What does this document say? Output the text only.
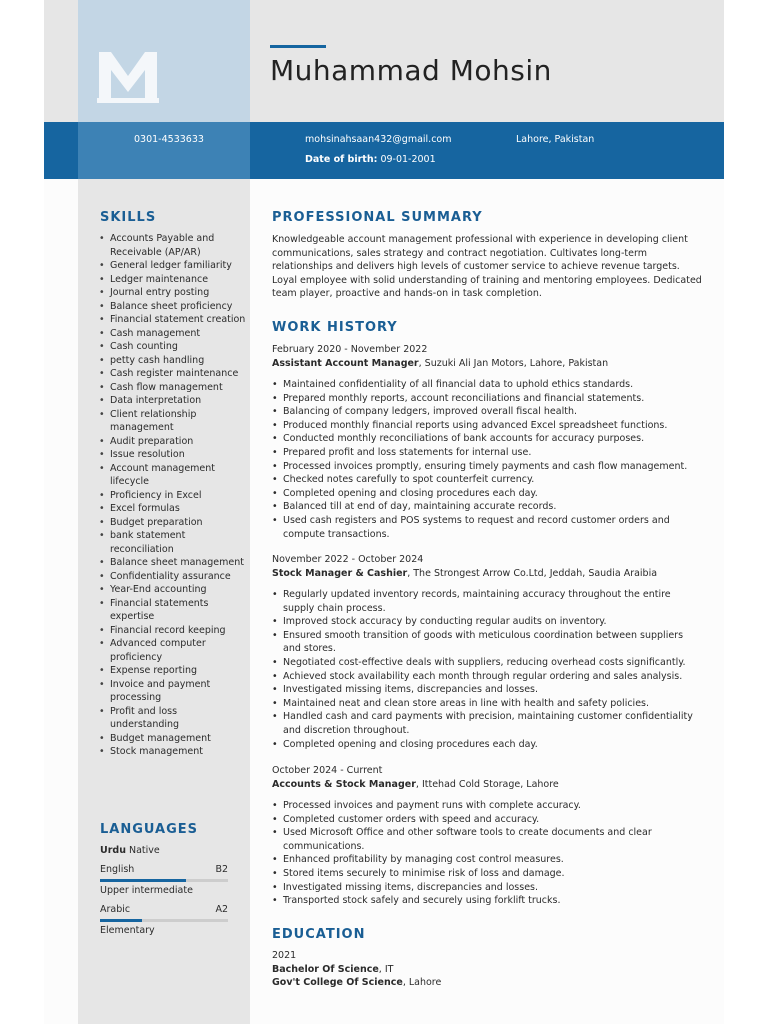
Muhammad Mohsin
0301-4533633	mohsinahsaan432@gmail.com	Lahore, Pakistan
Date of birth: 09-01-2001
SKILLS
• Accounts Payable and Receivable (AP/AR)
• General ledger familiarity
• Ledger maintenance
• Journal entry posting
• Balance sheet proficiency
• Financial statement creation
• Cash management
• Cash counting
• petty cash handling
• Cash register maintenance
• Cash flow management
• Data interpretation
• Client relationship management
• Audit preparation
• Issue resolution
• Account management lifecycle
• Proficiency in Excel
• Excel formulas
• Budget preparation
• bank statement reconciliation
• Balance sheet management
• Confidentiality assurance
• Year-End accounting
• Financial statements expertise
• Financial record keeping
• Advanced computer proficiency
• Expense reporting
• Invoice and payment processing
• Profit and loss understanding
• Budget management
• Stock management
LANGUAGES
Urdu Native
English	B2
Upper intermediate
Arabic	A2
Elementary
PROFESSIONAL SUMMARY
Knowledgeable account management professional with experience in developing client communications, sales strategy and contract negotiation. Cultivates long-term relationships and delivers high levels of customer service to achieve revenue targets. Loyal employee with solid understanding of training and mentoring employees. Dedicated team player, proactive and hands-on in task completion.
WORK HISTORY
February 2020 - November 2022
Assistant Account Manager, Suzuki Ali Jan Motors, Lahore, Pakistan
• Maintained confidentiality of all financial data to uphold ethics standards.
• Prepared monthly reports, account reconciliations and financial statements.
• Balancing of company ledgers, improved overall fiscal health.
• Produced monthly financial reports using advanced Excel spreadsheet functions.
• Conducted monthly reconciliations of bank accounts for accuracy purposes.
• Prepared profit and loss statements for internal use.
• Processed invoices promptly, ensuring timely payments and cash flow management.
• Checked notes carefully to spot counterfeit currency.
• Completed opening and closing procedures each day.
• Balanced till at end of day, maintaining accurate records.
• Used cash registers and POS systems to request and record customer orders and compute transactions.
November 2022 - October 2024
Stock Manager & Cashier, The Strongest Arrow Co.Ltd, Jeddah, Saudia Araibia
• Regularly updated inventory records, maintaining accuracy throughout the entire supply chain process.
• Improved stock accuracy by conducting regular audits on inventory.
• Ensured smooth transition of goods with meticulous coordination between suppliers and stores.
• Negotiated cost-effective deals with suppliers, reducing overhead costs significantly.
• Achieved stock availability each month through regular ordering and sales analysis.
• Investigated missing items, discrepancies and losses.
• Maintained neat and clean store areas in line with health and safety policies.
• Handled cash and card payments with precision, maintaining customer confidentiality and discretion throughout.
• Completed opening and closing procedures each day.
October 2024 - Current
Accounts & Stock Manager, Ittehad Cold Storage, Lahore
• Processed invoices and payment runs with complete accuracy.
• Completed customer orders with speed and accuracy.
• Used Microsoft Office and other software tools to create documents and clear communications.
• Enhanced profitability by managing cost control measures.
• Stored items securely to minimise risk of loss and damage.
• Investigated missing items, discrepancies and losses.
• Transported stock safely and securely using forklift trucks.
EDUCATION
2021
Bachelor Of Science, IT
Gov't College Of Science, Lahore
